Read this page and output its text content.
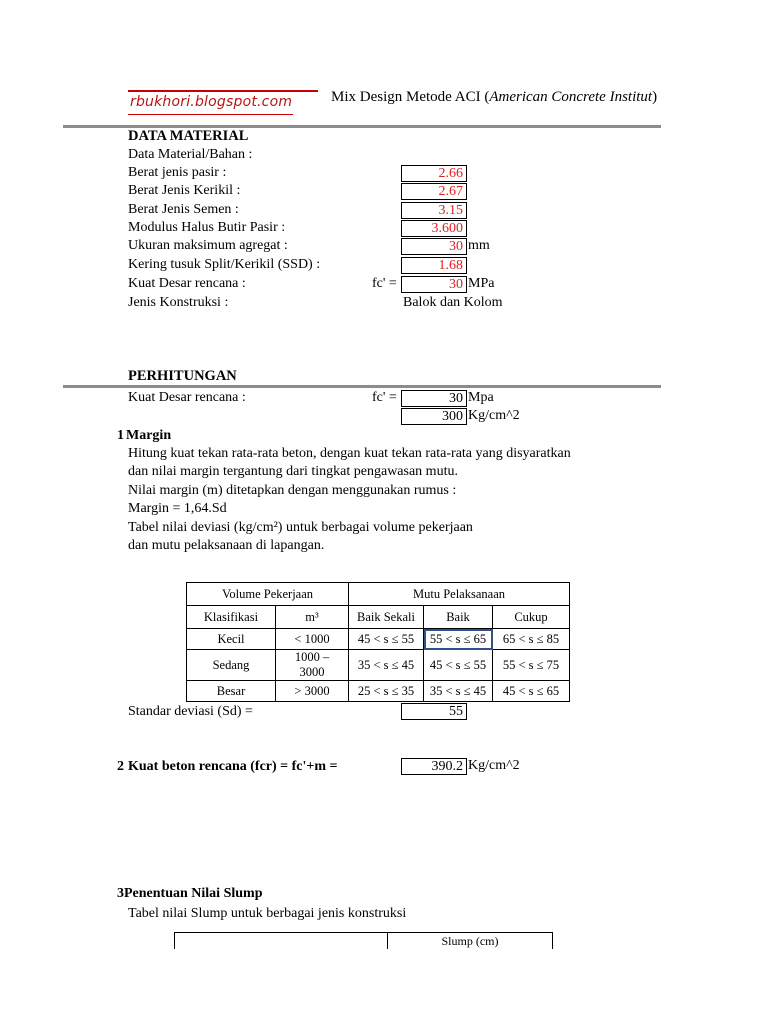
rbukhori.blogspot.com	Mix Design Metode ACI (American Concrete Institut)
DATA MATERIAL
Data Material/Bahan :
Berat jenis pasir :	2.66
Berat Jenis Kerikil :	2.67
Berat Jenis Semen :	3.15
Modulus Halus Butir Pasir :	3.600
Ukuran maksimum agregat :	30 mm
Kering tusuk Split/Kerikil (SSD) :	1.68
Kuat Desar rencana :	fc' =	30 MPa
Jenis Konstruksi :	Balok dan Kolom
PERHITUNGAN
Kuat Desar rencana :	fc' =	30 Mpa
300 Kg/cm^2
1 Margin
Hitung kuat tekan rata-rata beton, dengan kuat tekan rata-rata yang disyaratkan
dan nilai margin tergantung dari tingkat pengawasan mutu.
Nilai margin (m) ditetapkan dengan menggunakan rumus :
Margin = 1,64.Sd
Tabel nilai deviasi (kg/cm²) untuk berbagai volume pekerjaan
dan mutu pelaksanaan di lapangan.
Volume Pekerjaan		Mutu Pelaksanaan		
Klasifikasi	m³	Baik Sekali	Baik	Cukup
Kecil	< 1000	45 < s ≤ 55	55 < s ≤ 65	65 < s ≤ 85
Sedang	1000 –
3000	35 < s ≤ 45	45 < s ≤ 55	55 < s ≤ 75
Besar	> 3000	25 < s ≤ 35	35 < s ≤ 45	45 < s ≤ 65
Standar deviasi (Sd) =	55
2 Kuat beton rencana (fcr) = fc'+m =	390.2 Kg/cm^2
3Penentuan Nilai Slump
Tabel nilai Slump untuk berbagai jenis konstruksi
	Slump (cm)
